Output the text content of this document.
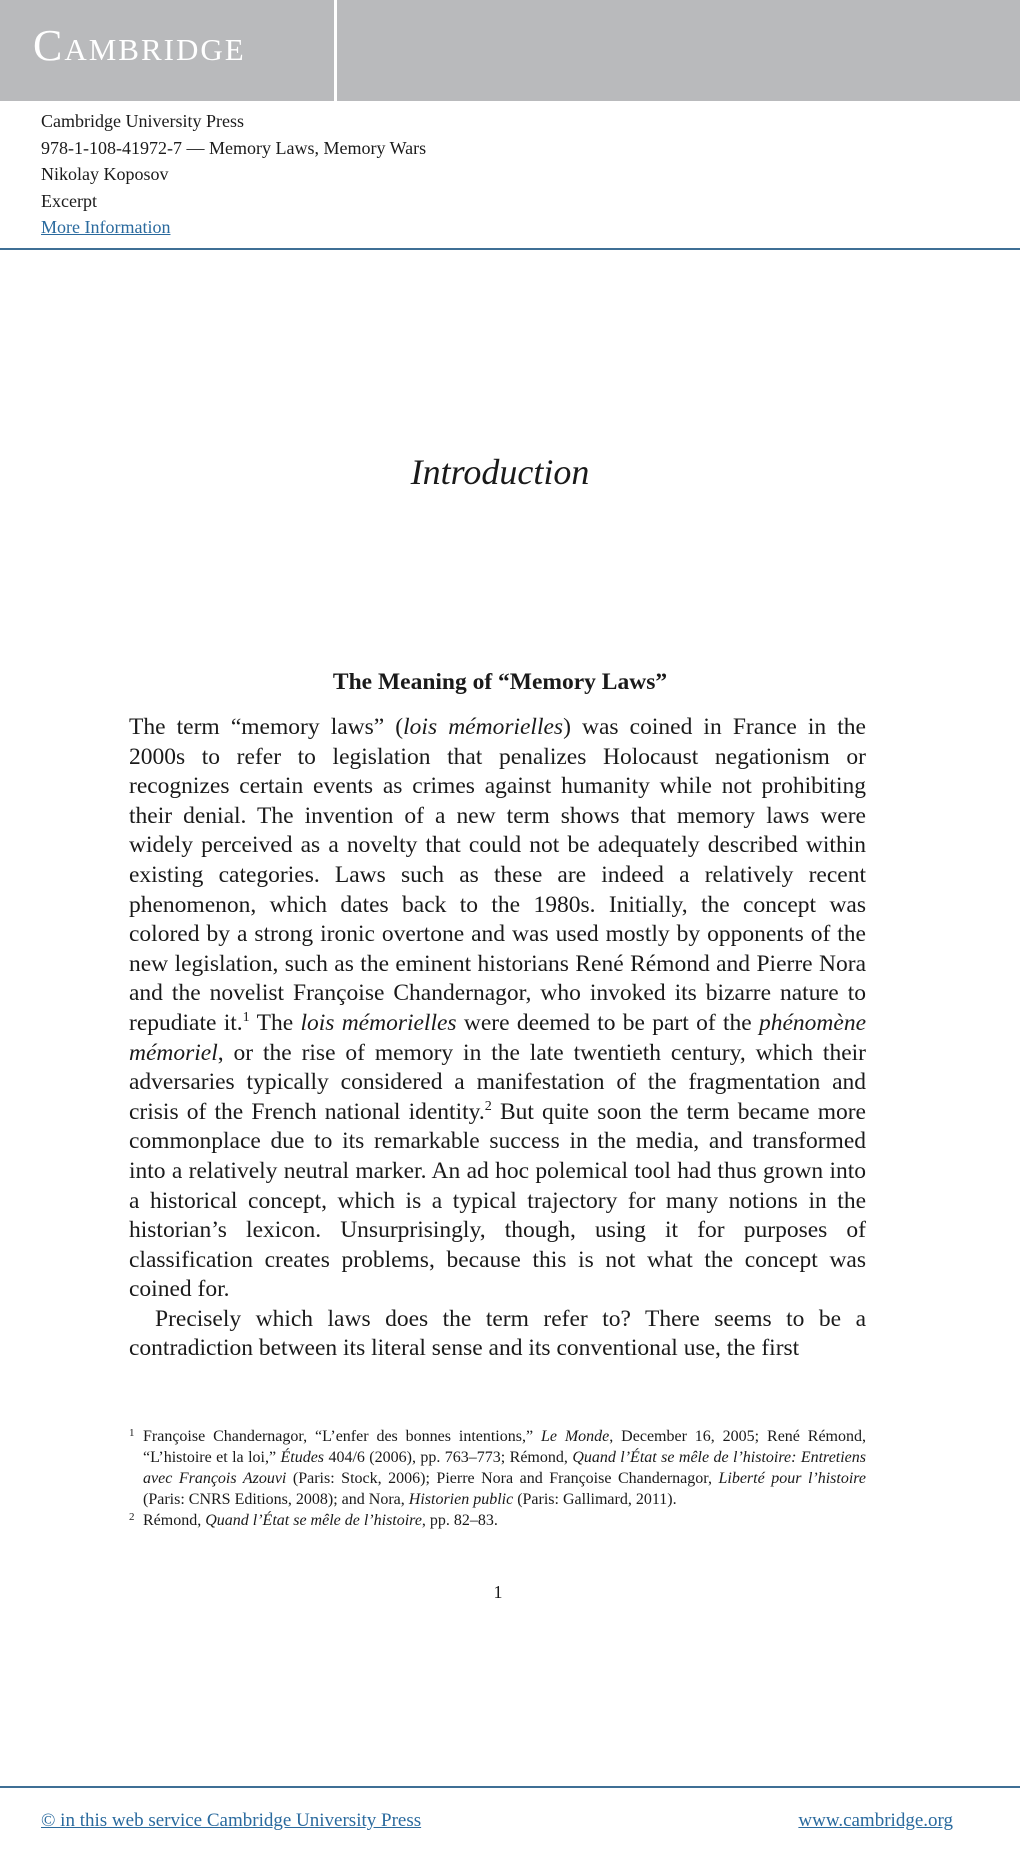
Cambridge
Cambridge University Press
978-1-108-41972-7 — Memory Laws, Memory Wars
Nikolay Koposov
Excerpt
More Information
Introduction
The Meaning of “Memory Laws”

The term “memory laws” (lois mémorielles) was coined in France in the 2000s to refer to legislation that penalizes Holocaust negationism or recognizes certain events as crimes against humanity while not prohibiting their denial. The invention of a new term shows that memory laws were widely perceived as a novelty that could not be adequately described within existing categories. Laws such as these are indeed a relatively recent phenomenon, which dates back to the 1980s. Initially, the concept was colored by a strong ironic overtone and was used mostly by opponents of the new legislation, such as the eminent historians René Rémond and Pierre Nora and the novelist Françoise Chandernagor, who invoked its bizarre nature to repudiate it.$^1$ The lois mémorielles were deemed to be part of the phénomène mémoriel, or the rise of memory in the late twentieth century, which their adversaries typically considered a manifestation of the fragmentation and crisis of the French national identity.$^2$ But quite soon the term became more commonplace due to its remarkable success in the media, and transformed into a relatively neutral marker. An ad hoc polemical tool had thus grown into a historical concept, which is a typical trajectory for many notions in the historian’s lexicon. Unsurprisingly, though, using it for purposes of classification creates problems, because this is not what the concept was coined for.

Precisely which laws does the term refer to? There seems to be a contradiction between its literal sense and its conventional use, the first

1 Françoise Chandernagor, “L’enfer des bonnes intentions,” Le Monde, December 16, 2005; René Rémond, “L’histoire et la loi,” Études 404/6 (2006), pp. 763–773; Rémond, Quand l’État se mêle de l’histoire: Entretiens avec François Azouvi (Paris: Stock, 2006); Pierre Nora and Françoise Chandernagor, Liberté pour l’histoire (Paris: CNRS Editions, 2008); and Nora, Historien public (Paris: Gallimard, 2011).

2 Rémond, Quand l’État se mêle de l’histoire, pp. 82–83.

1
© in this web service Cambridge University Press	www.cambridge.org
